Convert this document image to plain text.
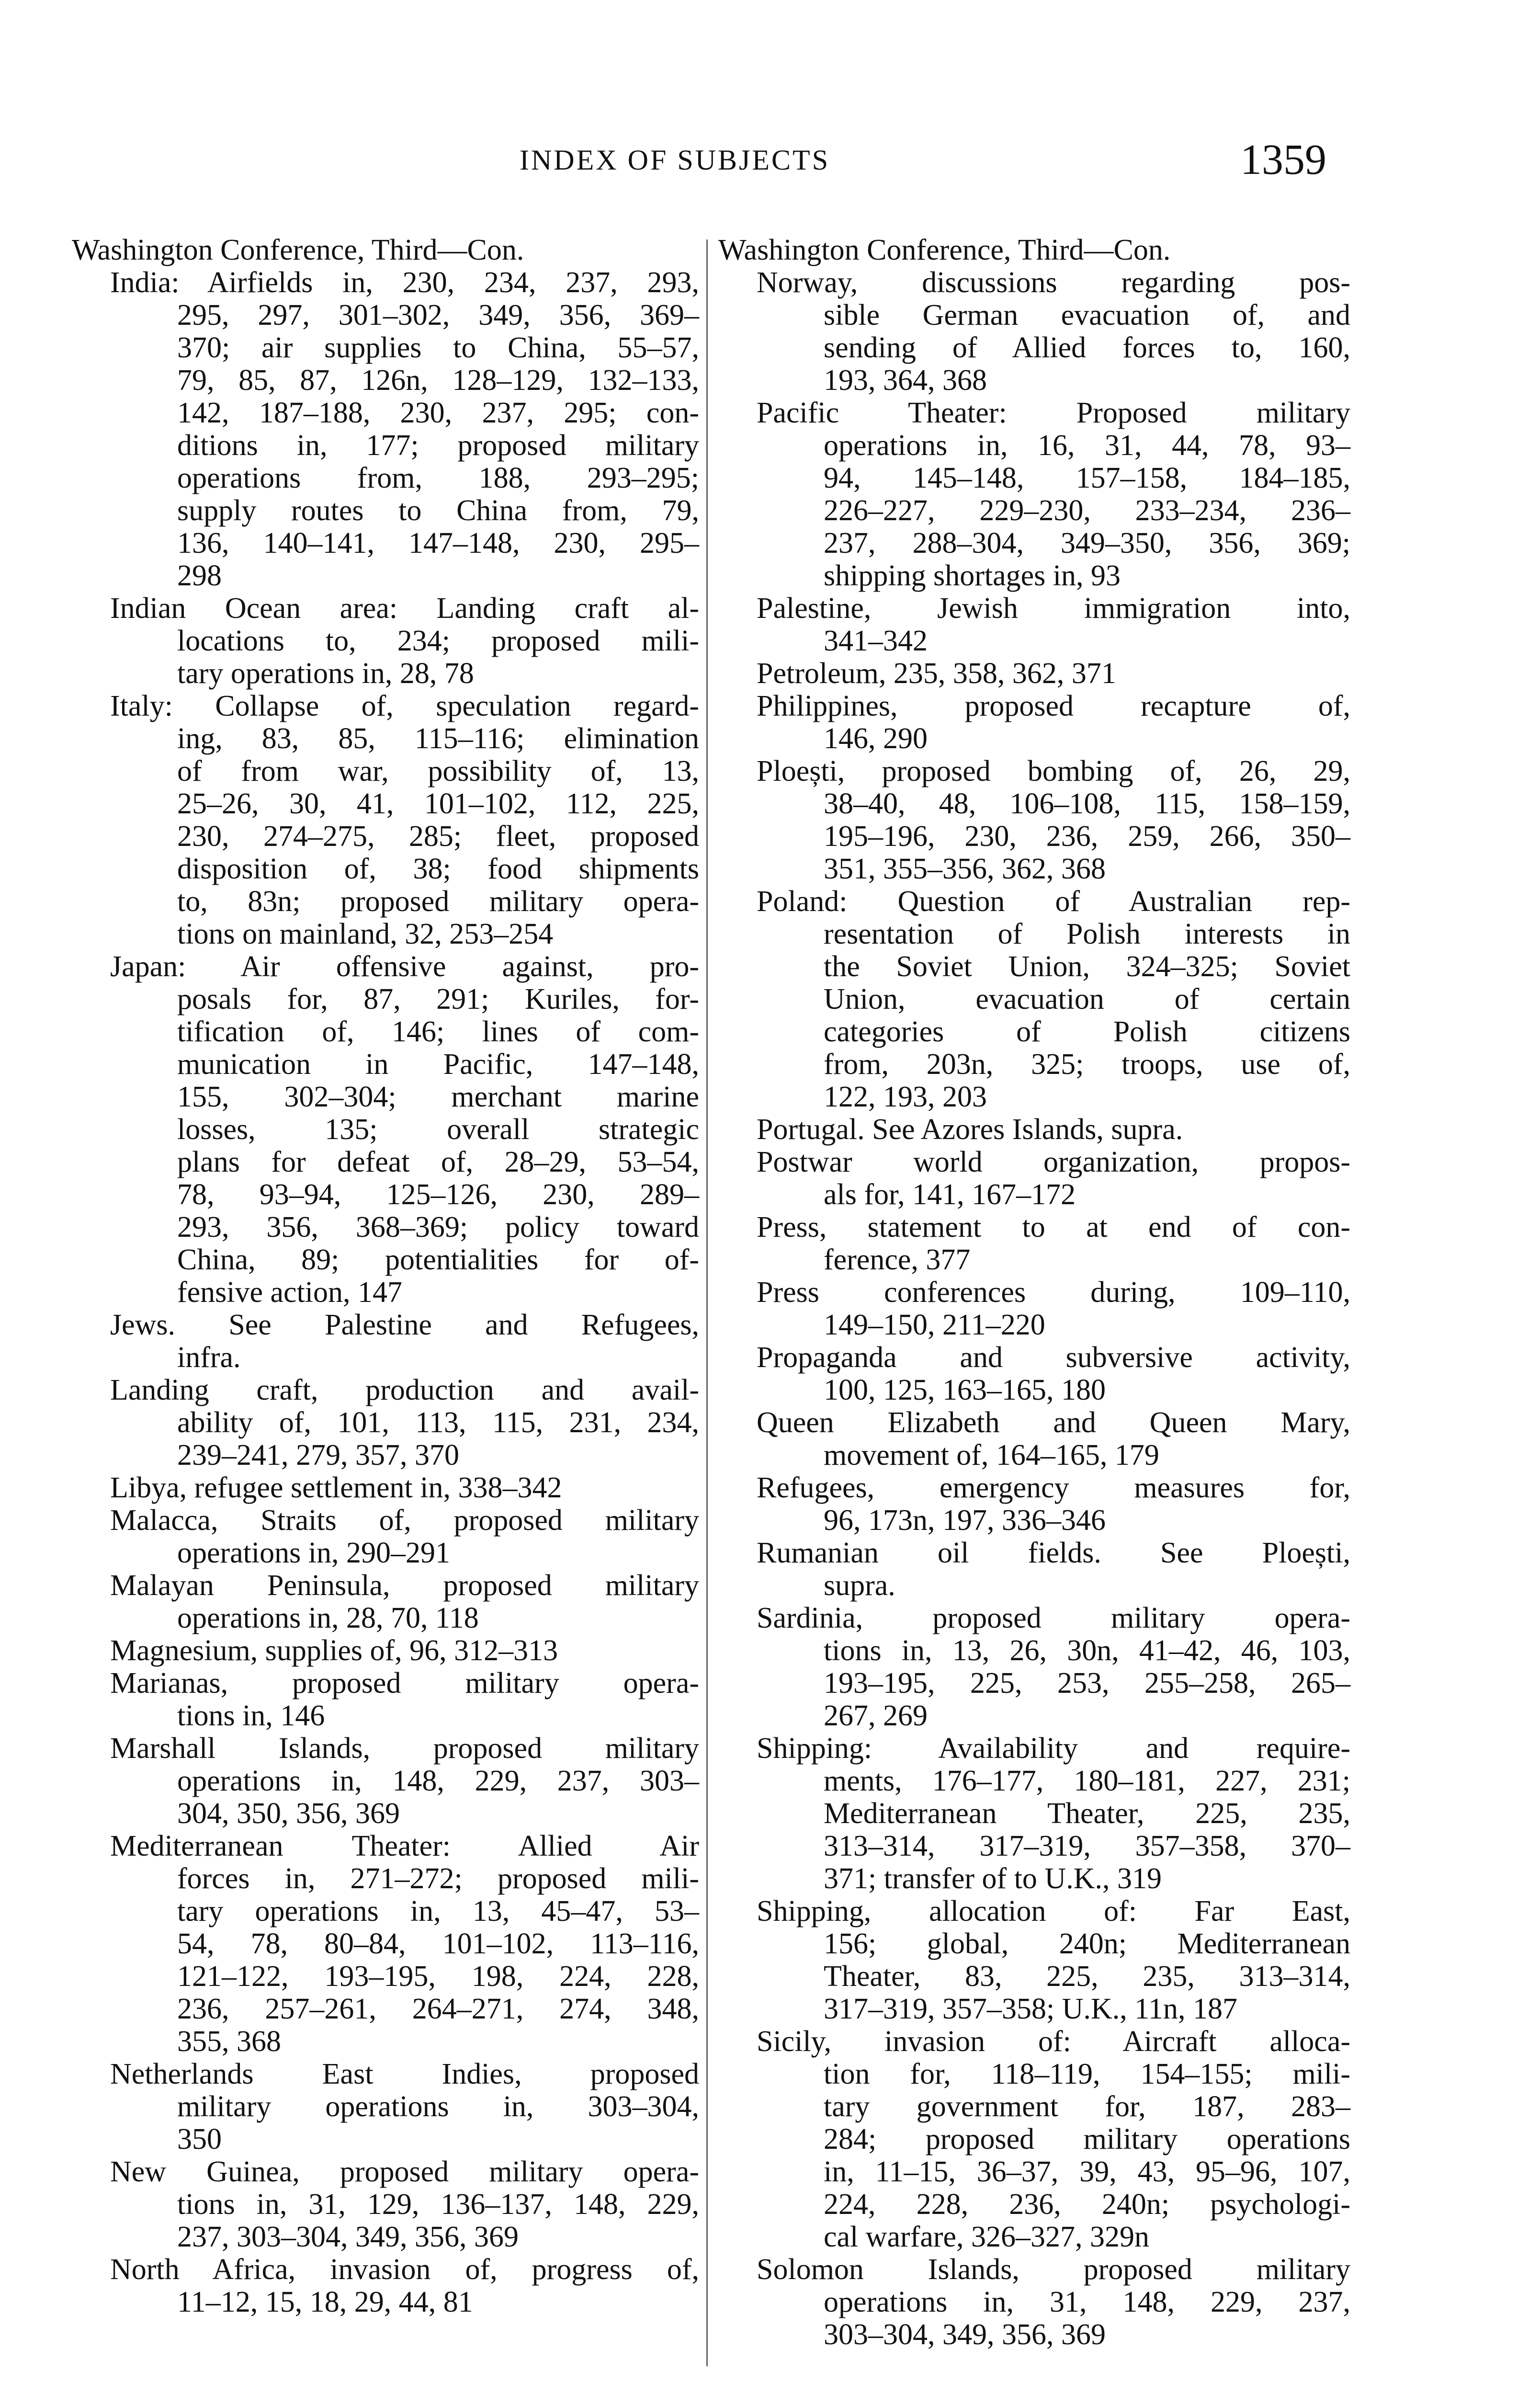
INDEX OF SUBJECTS	1359
Washington Conference, Third—Con.
India: Airfields in, 230, 234, 237, 293,
295, 297, 301–302, 349, 356, 369–
370; air supplies to China, 55–57,
79, 85, 87, 126n, 128–129, 132–133,
142, 187–188, 230, 237, 295; con-
ditions in, 177; proposed military
operations from, 188, 293–295;
supply routes to China from, 79,
136, 140–141, 147–148, 230, 295–
298
Indian Ocean area: Landing craft al-
locations to, 234; proposed mili-
tary operations in, 28, 78
Italy: Collapse of, speculation regard-
ing, 83, 85, 115–116; elimination
of from war, possibility of, 13,
25–26, 30, 41, 101–102, 112, 225,
230, 274–275, 285; fleet, proposed
disposition of, 38; food shipments
to, 83n; proposed military opera-
tions on mainland, 32, 253–254
Japan: Air offensive against, pro-
posals for, 87, 291; Kuriles, for-
tification of, 146; lines of com-
munication in Pacific, 147–148,
155, 302–304; merchant marine
losses, 135; overall strategic
plans for defeat of, 28–29, 53–54,
78, 93–94, 125–126, 230, 289–
293, 356, 368–369; policy toward
China, 89; potentialities for of-
fensive action, 147
Jews. See Palestine and Refugees,
infra.
Landing craft, production and avail-
ability of, 101, 113, 115, 231, 234,
239–241, 279, 357, 370
Libya, refugee settlement in, 338–342
Malacca, Straits of, proposed military
operations in, 290–291
Malayan Peninsula, proposed military
operations in, 28, 70, 118
Magnesium, supplies of, 96, 312–313
Marianas, proposed military opera-
tions in, 146
Marshall Islands, proposed military
operations in, 148, 229, 237, 303–
304, 350, 356, 369
Mediterranean Theater: Allied Air
forces in, 271–272; proposed mili-
tary operations in, 13, 45–47, 53–
54, 78, 80–84, 101–102, 113–116,
121–122, 193–195, 198, 224, 228,
236, 257–261, 264–271, 274, 348,
355, 368
Netherlands East Indies, proposed
military operations in, 303–304,
350
New Guinea, proposed military opera-
tions in, 31, 129, 136–137, 148, 229,
237, 303–304, 349, 356, 369
North Africa, invasion of, progress of,
11–12, 15, 18, 29, 44, 81
Washington Conference, Third—Con.
Norway, discussions regarding pos-
sible German evacuation of, and
sending of Allied forces to, 160,
193, 364, 368
Pacific Theater: Proposed military
operations in, 16, 31, 44, 78, 93–
94, 145–148, 157–158, 184–185,
226–227, 229–230, 233–234, 236–
237, 288–304, 349–350, 356, 369;
shipping shortages in, 93
Palestine, Jewish immigration into,
341–342
Petroleum, 235, 358, 362, 371
Philippines, proposed recapture of,
146, 290
Ploești, proposed bombing of, 26, 29,
38–40, 48, 106–108, 115, 158–159,
195–196, 230, 236, 259, 266, 350–
351, 355–356, 362, 368
Poland: Question of Australian rep-
resentation of Polish interests in
the Soviet Union, 324–325; Soviet
Union, evacuation of certain
categories of Polish citizens
from, 203n, 325; troops, use of,
122, 193, 203
Portugal. See Azores Islands, supra.
Postwar world organization, propos-
als for, 141, 167–172
Press, statement to at end of con-
ference, 377
Press conferences during, 109–110,
149–150, 211–220
Propaganda and subversive activity,
100, 125, 163–165, 180
Queen Elizabeth and Queen Mary,
movement of, 164–165, 179
Refugees, emergency measures for,
96, 173n, 197, 336–346
Rumanian oil fields. See Ploești,
supra.
Sardinia, proposed military opera-
tions in, 13, 26, 30n, 41–42, 46, 103,
193–195, 225, 253, 255–258, 265–
267, 269
Shipping: Availability and require-
ments, 176–177, 180–181, 227, 231;
Mediterranean Theater, 225, 235,
313–314, 317–319, 357–358, 370–
371; transfer of to U.K., 319
Shipping, allocation of: Far East,
156; global, 240n; Mediterranean
Theater, 83, 225, 235, 313–314,
317–319, 357–358; U.K., 11n, 187
Sicily, invasion of: Aircraft alloca-
tion for, 118–119, 154–155; mili-
tary government for, 187, 283–
284; proposed military operations
in, 11–15, 36–37, 39, 43, 95–96, 107,
224, 228, 236, 240n; psychologi-
cal warfare, 326–327, 329n
Solomon Islands, proposed military
operations in, 31, 148, 229, 237,
303–304, 349, 356, 369
